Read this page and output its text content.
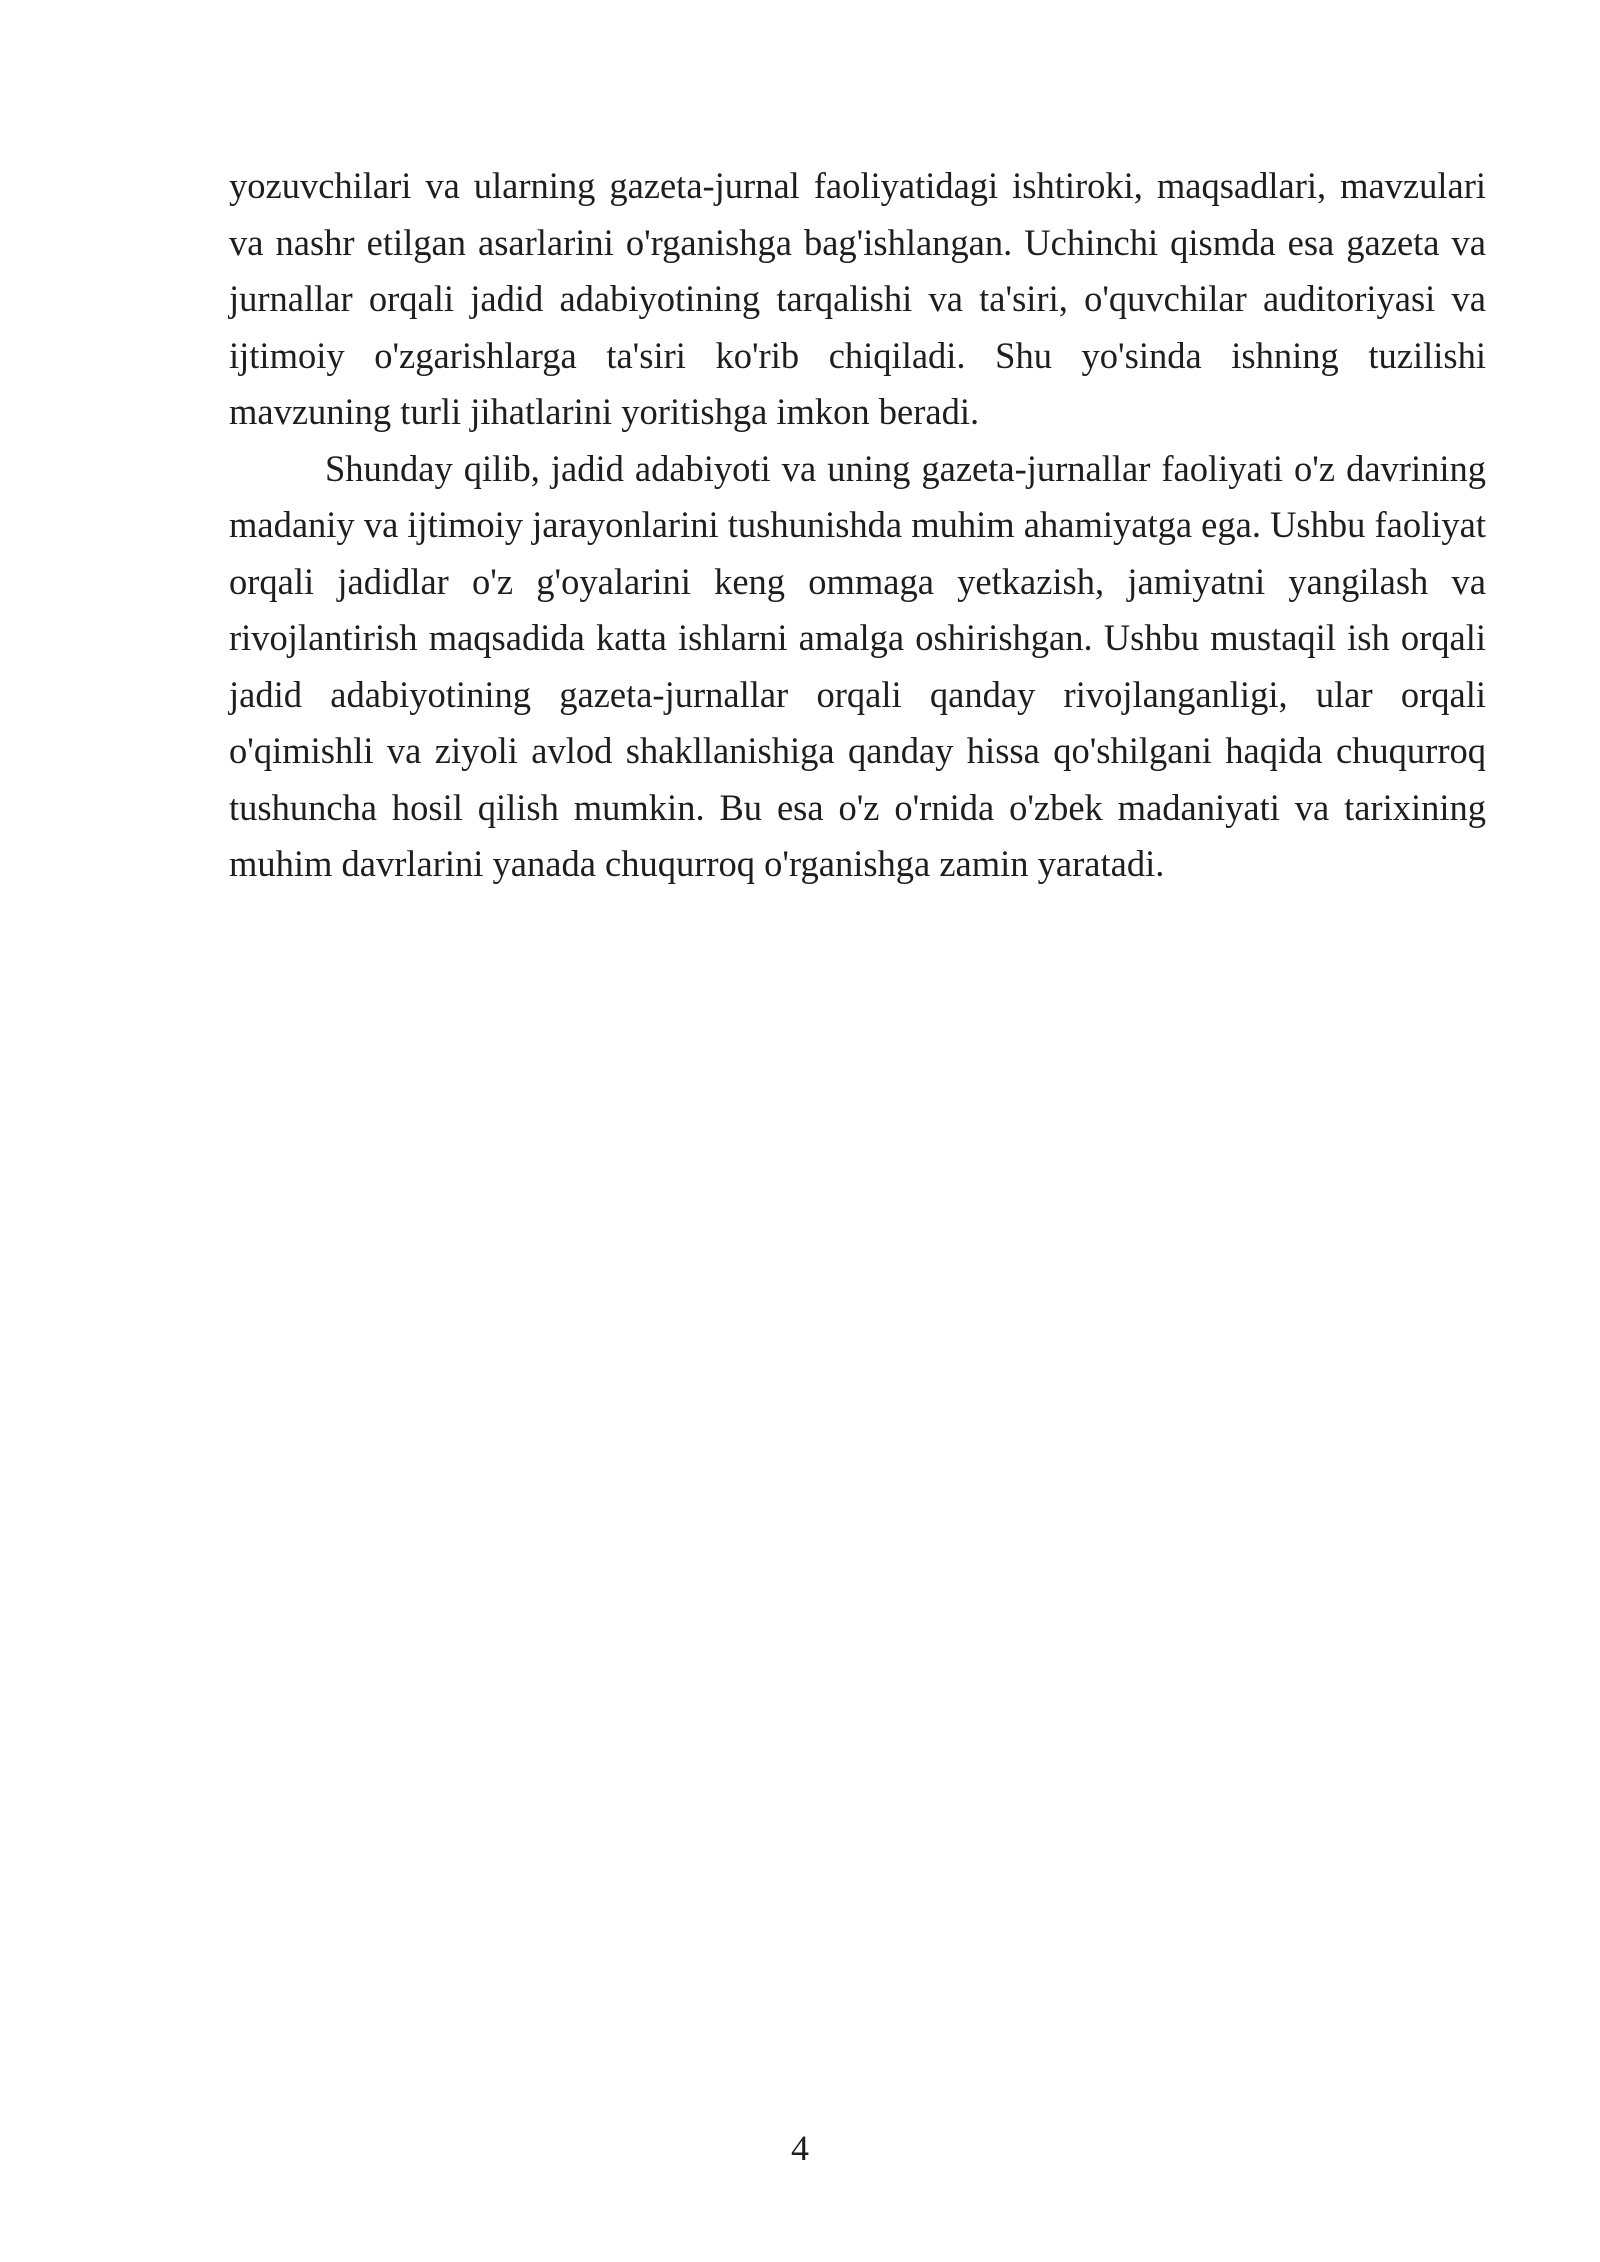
yozuvchilari va ularning gazeta-jurnal faoliyatidagi ishtiroki, maqsadlari, mavzulari va nashr etilgan asarlarini o'rganishga bag'ishlangan. Uchinchi qismda esa gazeta va jurnallar orqali jadid adabiyotining tarqalishi va ta'siri, o'quvchilar auditoriyasi va ijtimoiy o'zgarishlarga ta'siri ko'rib chiqiladi. Shu yo'sinda ishning tuzilishi mavzuning turli jihatlarini yoritishga imkon beradi.

Shunday qilib, jadid adabiyoti va uning gazeta-jurnallar faoliyati o'z davrining madaniy va ijtimoiy jarayonlarini tushunishda muhim ahamiyatga ega. Ushbu faoliyat orqali jadidlar o'z g'oyalarini keng ommaga yetkazish, jamiyatni yangilash va rivojlantirish maqsadida katta ishlarni amalga oshirishgan. Ushbu mustaqil ish orqali jadid adabiyotining gazeta-jurnallar orqali qanday rivojlanganligi, ular orqali o'qimishli va ziyoli avlod shakllanishiga qanday hissa qo'shilgani haqida chuqurroq tushuncha hosil qilish mumkin. Bu esa o'z o'rnida o'zbek madaniyati va tarixining muhim davrlarini yanada chuqurroq o'rganishga zamin yaratadi.

4
